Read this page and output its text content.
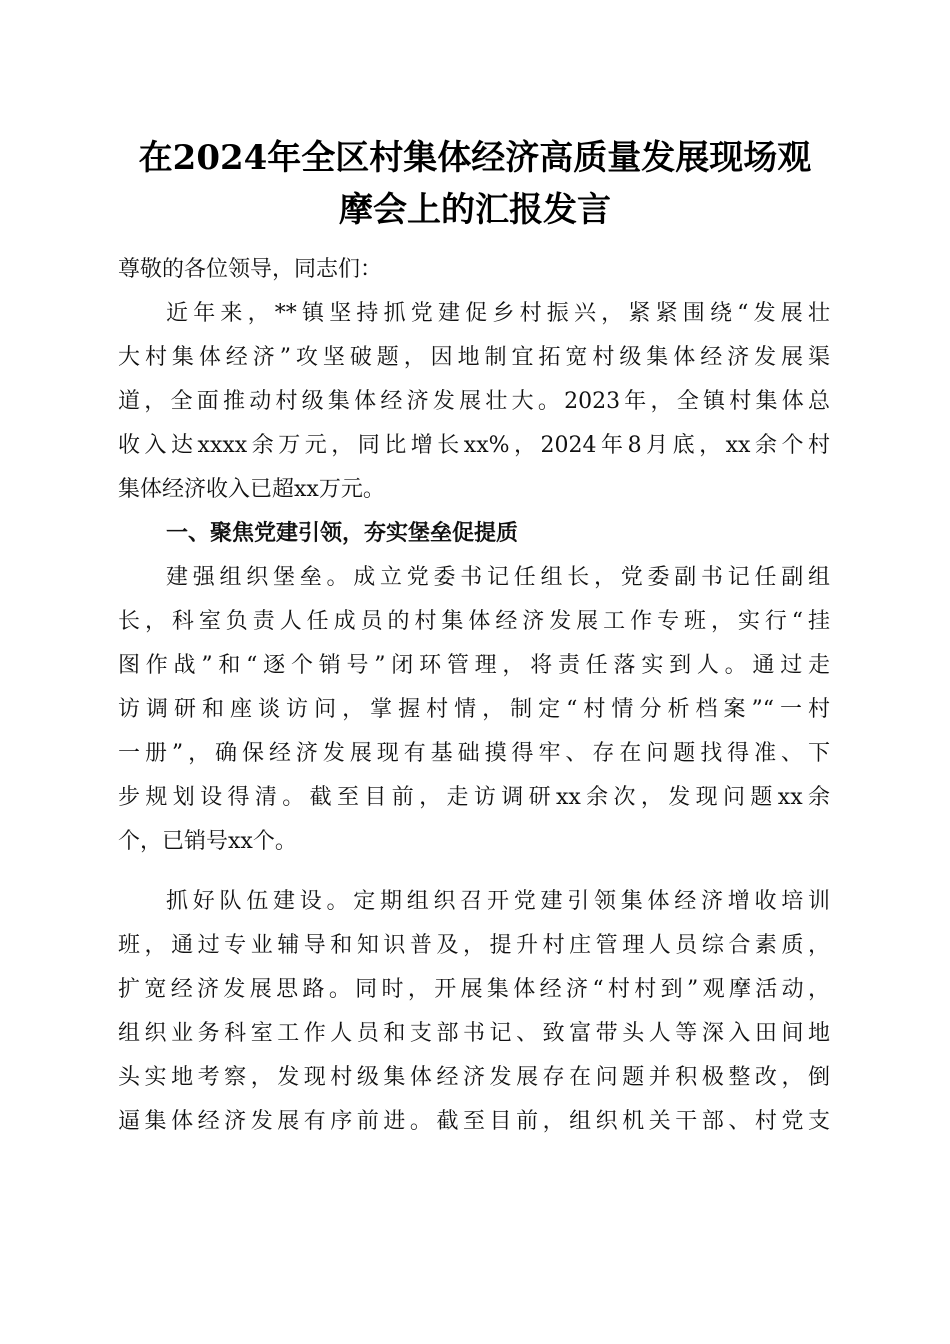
在2024年全区村集体经济高质量发展现场观
摩会上的汇报发言
尊敬的各位领导，同志们：
近年来，**镇坚持抓党建促乡村振兴，紧紧围绕“发展壮
大村集体经济”攻坚破题，因地制宜拓宽村级集体经济发展渠
道，全面推动村级集体经济发展壮大。2023年，全镇村集体总
收入达xxxx余万元，同比增长xx%，2024年8月底，xx余个村
集体经济收入已超xx万元。
一、聚焦党建引领，夯实堡垒促提质
建强组织堡垒。成立党委书记任组长，党委副书记任副组
长，科室负责人任成员的村集体经济发展工作专班，实行“挂
图作战”和“逐个销号”闭环管理，将责任落实到人。通过走
访调研和座谈访问，掌握村情，制定“村情分析档案”“一村
一册”，确保经济发展现有基础摸得牢、存在问题找得准、下
步规划设得清。截至目前，走访调研xx余次，发现问题xx余
个，已销号xx个。
抓好队伍建设。定期组织召开党建引领集体经济增收培训
班，通过专业辅导和知识普及，提升村庄管理人员综合素质，
扩宽经济发展思路。同时，开展集体经济“村村到”观摩活动，
组织业务科室工作人员和支部书记、致富带头人等深入田间地
头实地考察，发现村级集体经济发展存在问题并积极整改，倒
逼集体经济发展有序前进。截至目前，组织机关干部、村党支
